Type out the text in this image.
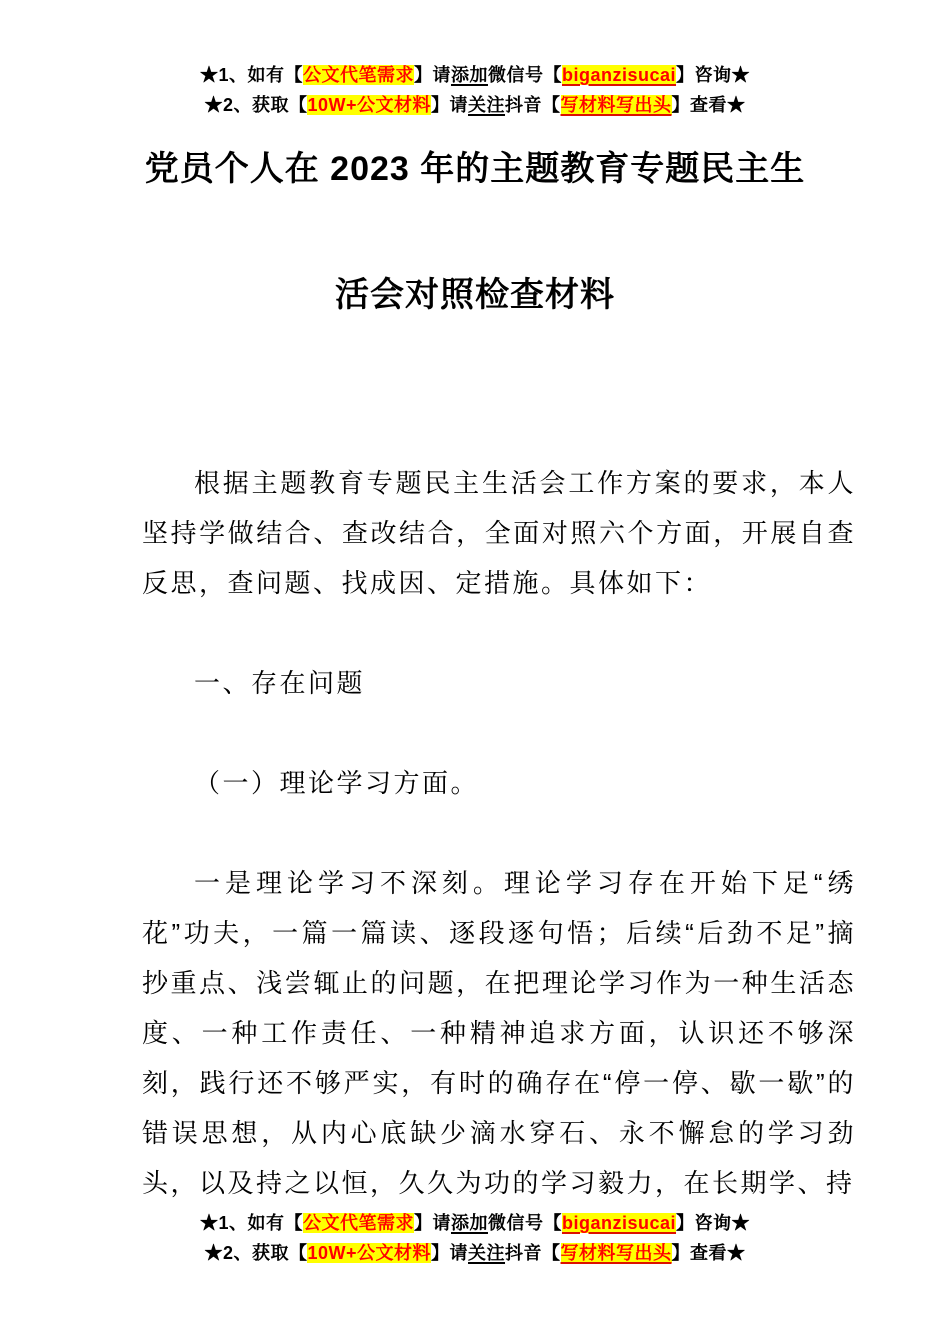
★1、如有【公文代笔需求】请添加微信号【biganzisucai】咨询★
★2、获取【10W+公文材料】请关注抖音【写材料写出头】查看★
党员个人在 2023 年的主题教育专题民主生
活会对照检查材料

根据主题教育专题民主生活会工作方案的要求，本人坚持学做结合、查改结合，全面对照六个方面，开展自查反思，查问题、找成因、定措施。具体如下：

一、存在问题

（一）理论学习方面。

一是理论学习不深刻。理论学习存在开始下足“绣花”功夫，一篇一篇读、逐段逐句悟；后续“后劲不足”摘抄重点、浅尝辄止的问题，在把理论学习作为一种生活态度、一种工作责任、一种精神追求方面，认识还不够深刻，践行还不够严实，有时的确存在“停一停、歇一歇”的错误思想，从内心底缺少滴水穿石、永不懈怠的学习劲头，以及持之以恒，久久为功的学习毅力，在长期学、持

★1、如有【公文代笔需求】请添加微信号【biganzisucai】咨询★
★2、获取【10W+公文材料】请关注抖音【写材料写出头】查看★
